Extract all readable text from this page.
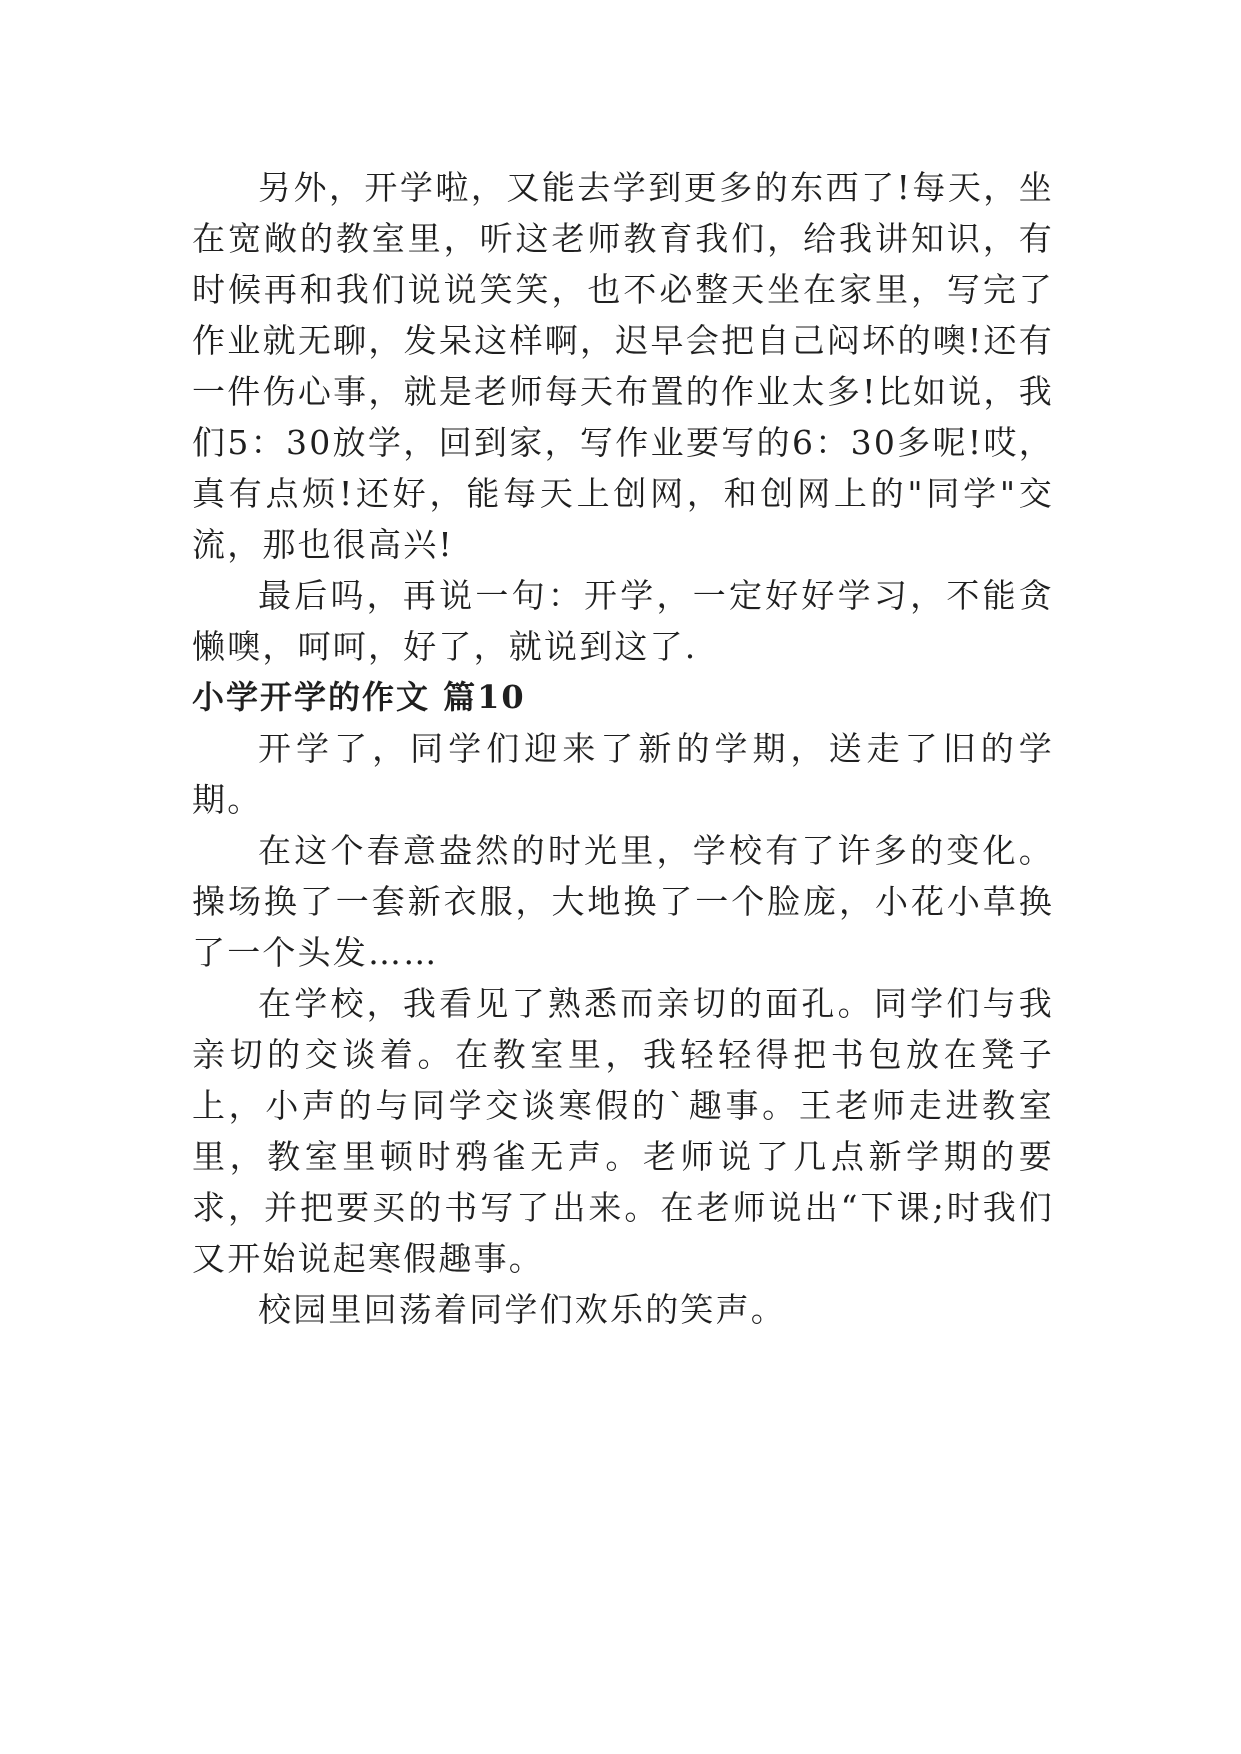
另外，开学啦，又能去学到更多的东西了!每天，坐在宽敞的教室里，听这老师教育我们，给我讲知识，有时候再和我们说说笑笑，也不必整天坐在家里，写完了作业就无聊，发呆这样啊，迟早会把自己闷坏的噢!还有一件伤心事，就是老师每天布置的作业太多!比如说，我们5：30放学，回到家，写作业要写的6：30多呢!哎，真有点烦!还好，能每天上创网，和创网上的"同学"交流，那也很高兴!

最后吗，再说一句：开学，一定好好学习，不能贪懒噢，呵呵，好了，就说到这了.

小学开学的作文 篇10

开学了，同学们迎来了新的学期，送走了旧的学期。

在这个春意盎然的时光里，学校有了许多的变化。操场换了一套新衣服，大地换了一个脸庞，小花小草换了一个头发……

在学校，我看见了熟悉而亲切的面孔。同学们与我亲切的交谈着。在教室里，我轻轻得把书包放在凳子上，小声的与同学交谈寒假的`趣事。王老师走进教室里，教室里顿时鸦雀无声。老师说了几点新学期的要求，并把要买的书写了出来。在老师说出“下课;时我们又开始说起寒假趣事。

校园里回荡着同学们欢乐的笑声。
